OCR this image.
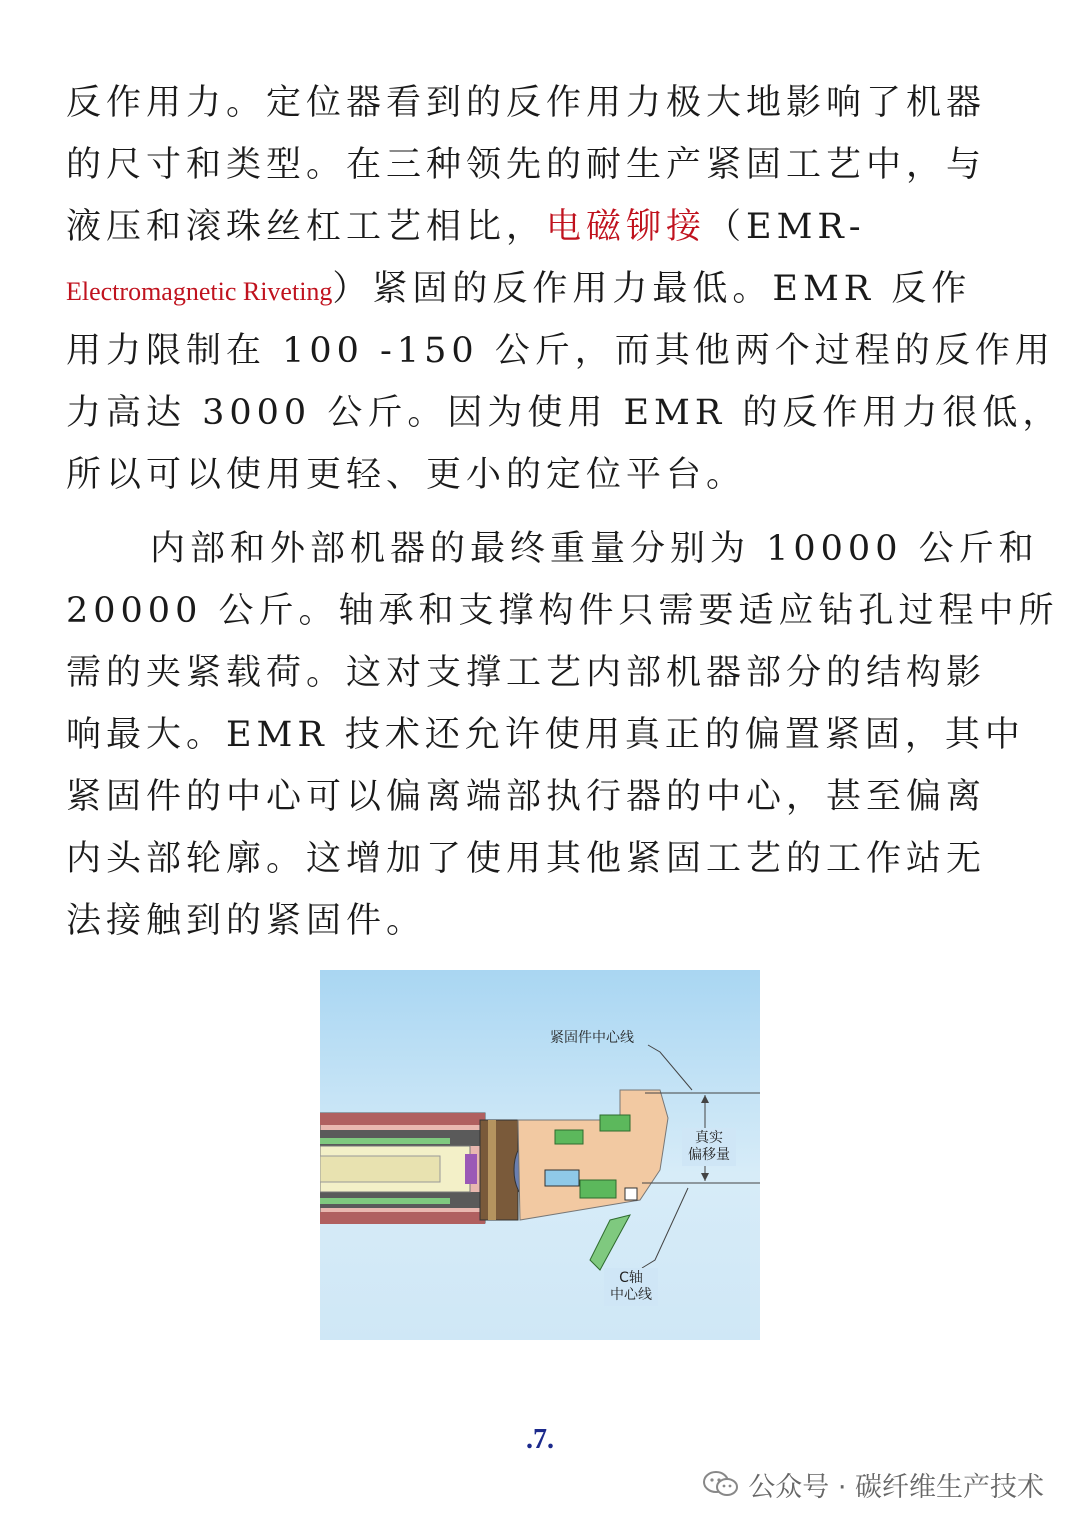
反作用力。定位器看到的反作用力极大地影响了机器
的尺寸和类型。在三种领先的耐生产紧固工艺中，与
液压和滚珠丝杠工艺相比，电磁铆接（EMR-
Electromagnetic Riveting）紧固的反作用力最低。EMR 反作
用力限制在 100 -150 公斤，而其他两个过程的反作用
力高达 3000 公斤。因为使用 EMR 的反作用力很低，
所以可以使用更轻、更小的定位平台。
内部和外部机器的最终重量分别为 10000 公斤和
20000 公斤。轴承和支撑构件只需要适应钻孔过程中所
需的夹紧载荷。这对支撑工艺内部机器部分的结构影
响最大。EMR 技术还允许使用真正的偏置紧固，其中
紧固件的中心可以偏离端部执行器的中心，甚至偏离
内头部轮廓。这增加了使用其他紧固工艺的工作站无
法接触到的紧固件。
紧固件中心线
真实
偏移量
C轴
中心线
.7.
公众号 · 碳纤维生产技术
